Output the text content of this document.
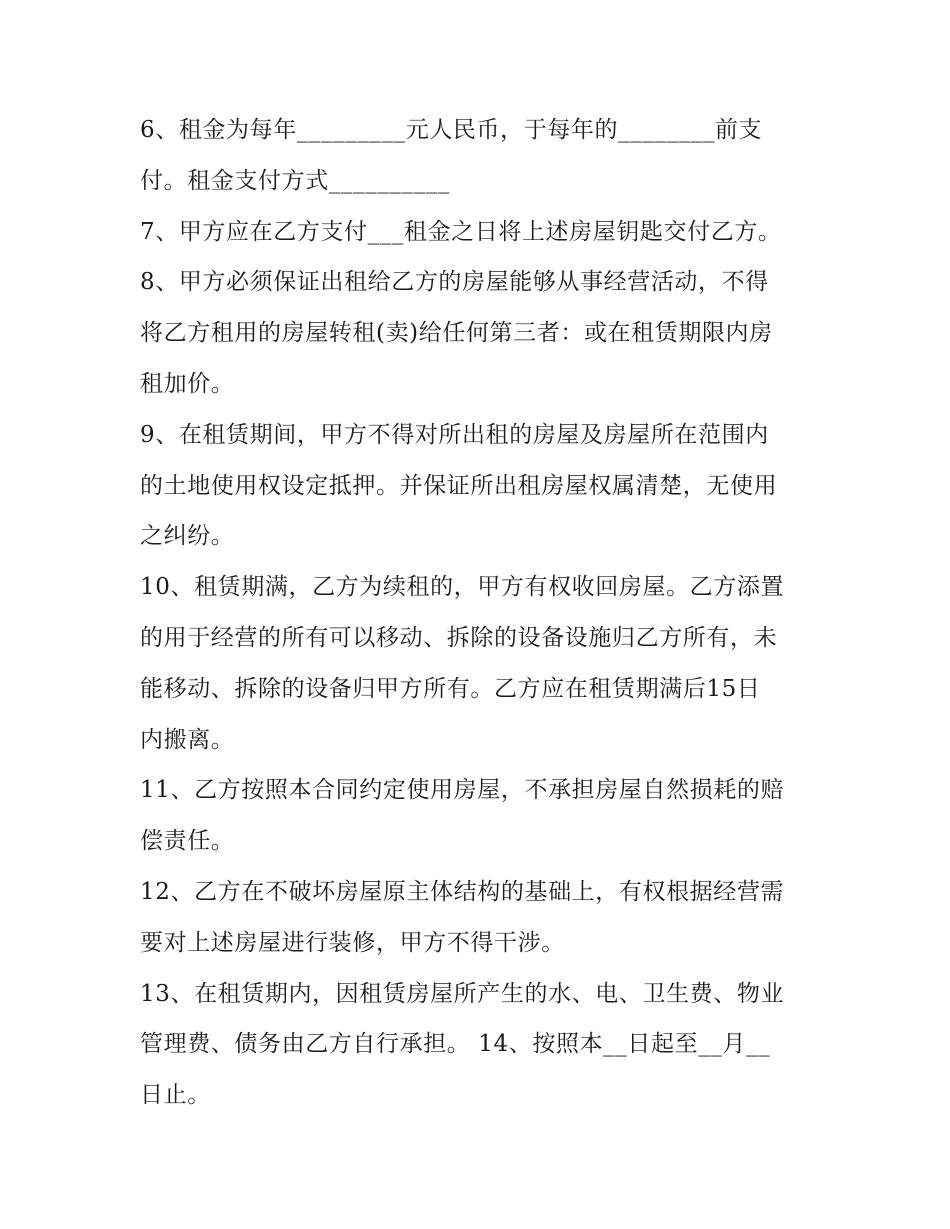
6、租金为每年_________元人民币，于每年的________前支
付。租金支付方式__________
7、甲方应在乙方支付___租金之日将上述房屋钥匙交付乙方。
8、甲方必须保证出租给乙方的房屋能够从事经营活动，不得
将乙方租用的房屋转租(卖)给任何第三者：或在租赁期限内房
租加价。
9、在租赁期间，甲方不得对所出租的房屋及房屋所在范围内
的土地使用权设定抵押。并保证所出租房屋权属清楚，无使用
之纠纷。
10、租赁期满，乙方为续租的，甲方有权收回房屋。乙方添置
的用于经营的所有可以移动、拆除的设备设施归乙方所有，未
能移动、拆除的设备归甲方所有。乙方应在租赁期满后15日
内搬离。
11、乙方按照本合同约定使用房屋，不承担房屋自然损耗的赔
偿责任。
12、乙方在不破坏房屋原主体结构的基础上，有权根据经营需
要对上述房屋进行装修，甲方不得干涉。
13、在租赁期内，因租赁房屋所产生的水、电、卫生费、物业
管理费、债务由乙方自行承担。 14、按照本__日起至__月__
日止。
